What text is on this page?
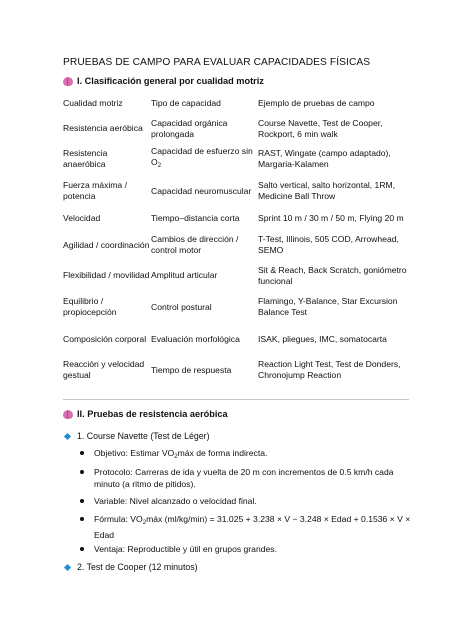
PRUEBAS DE CAMPO PARA EVALUAR CAPACIDADES FÍSICAS
I. Clasificación general por cualidad motriz
Cualidad motriz	Tipo de capacidad	Ejemplo de pruebas de campo
Resistencia aeróbica	Capacidad orgánica prolongada	Course Navette, Test de Cooper, Rockport, 6 min walk
Resistencia anaeróbica	Capacidad de esfuerzo $\sin O_2$	RAST, Wingate (campo adaptado), Margaria-Kalamen
Fuerza máxima / potencia	Capacidad neuromuscular	Salto vertical, salto horizontal, 1RM, Medicine Ball Throw
Velocidad	Tiempo–distancia corta	Sprint 10 m / 30 m / 50 m, Flying 20 m
Agilidad / coordinación	Cambios de dirección / control motor	T-Test, Illinois, 505 COD, Arrowhead, SEMO
Flexibilidad / movilidad	Amplitud articular	Sit & Reach, Back Scratch, goniómetro funcional
Equilibrio / propiocepción	Control postural	Flamingo, Y-Balance, Star Excursion Balance Test
Composición corporal	Evaluación morfológica	ISAK, pliegues, IMC, somatocarta
Reacción y velocidad gestual	Tiempo de respuesta	Reaction Light Test, Test de Donders, Chronojump Reaction
II. Pruebas de resistencia aeróbica
1. Course Navette (Test de Léger)
Objetivo: Estimar $VO_2máx$ de forma indirecta.
Protocolo: Carreras de ida y vuelta de 20 m con incrementos de 0.5 km/h cada minuto (a ritmo de pitidos).
Variable: Nivel alcanzado o velocidad final.
Fórmula: $VO_2máx$ (ml/kg/min) = 31.025 + 3.238 × V − 3.248 × Edad + 0.1536 × V × Edad
Ventaja: Reproductible y útil en grupos grandes.
2. Test de Cooper (12 minutos)
